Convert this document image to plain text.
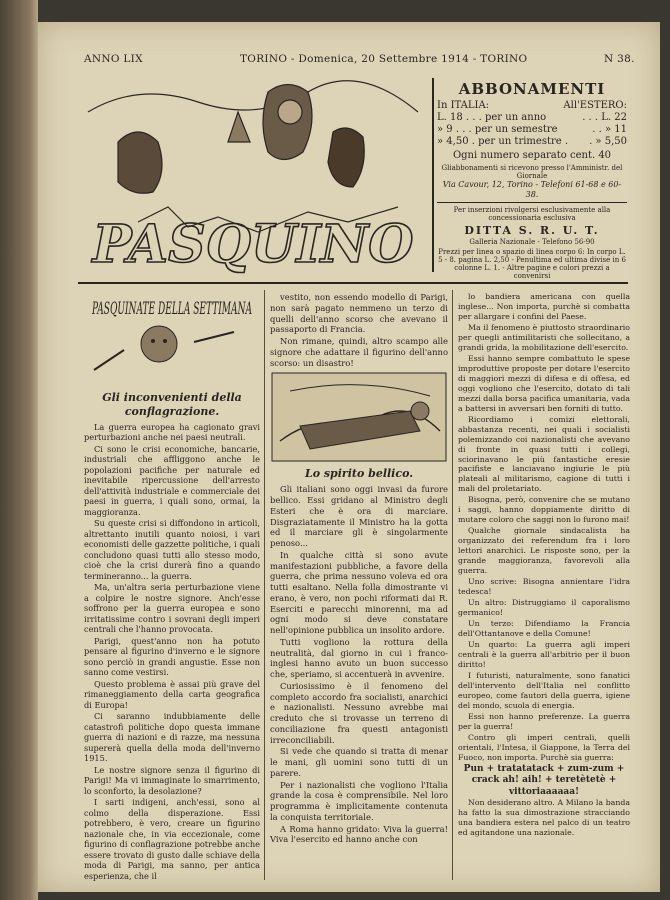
ANNO LIX	TORINO - Domenica, 20 Settembre 1914 - TORINO	N 38.
PASQUINO
ABBONAMENTI
In ITALIA:	All'ESTERO:
L. 18 . . . per un anno	. . . L. 22
» 9 . . . per un semestre	. . » 11
» 4,50 . per un trimestre . . » 5,50
Ogni numero separato cent. 40
Gliabbonamenti si ricevono presso l'Amministr. del Giornale
Via Cavour, 12, Torino - Telefoni 61-68 e 60-38.
Per inserzioni rivolgersi esclusivamente alla concessionaria esclusiva
DITTA S. R. U. T.
Galleria Nazionale - Telefono 56-90
Prezzi per linea o spazio di linea corpo 6: In corpo L. 5 - 8. pagina L. 2,50 - Penultima ed ultima divise in 6 colonne L. 1. - Altre pagine e colori prezzi a convenirsi
PASQUINATE DELLA SETTIMANA
Gli inconvenienti della conflagrazione.

La guerra europea ha cagionato gravi perturbazioni anche nei paesi neutrali.

Ci sono le crisi economiche, bancarie, industriali che affliggono anche le popolazioni pacifiche per naturale ed inevitabile ripercussione dell'arresto dell'attività industriale e commerciale dei paesi in guerra, i quali sono, ormai, la maggioranza.

Su queste crisi si diffondono in articoli, altrettanto inutili quanto noiosi, i vari economisti delle gazzette politiche, i quali concludono quasi tutti allo stesso modo, cioè che la crisi durerà fino a quando termineranno... la guerra.

Ma, un'altra seria perturbazione viene a colpire le nostre signore. Anch'esse soffrono per la guerra europea e sono irritatissime contro i sovrani degli imperi centrali che l'hanno provocata.

Parigi, quest'anno non ha potuto pensare al figurino d'inverno e le signore sono perciò in grandi angustie. Esse non sanno come vestirsi.

Questo problema è assai più grave del rimaneggiamento della carta geografica di Europa!

Ci saranno indubbiamente delle catastrofi politiche dopo questa immane guerra di nazioni e di razze, ma nessuna supererà quella della moda dell'inverno 1915.

Le nostre signore senza il figurino di Parigi! Ma vi immaginate lo smarrimento, lo sconforto, la desolazione?

I sarti indigeni, anch'essi, sono al colmo della disperazione. Essi potrebbero, è vero, creare un figurino nazionale che, in via eccezionale, come figurino di conflagrazione potrebbe anche essere trovato di gusto dalle schiave della moda di Parigi, ma sanno, per antica esperienza, che il

vestito, non essendo modello di Parigi, non sarà pagato nemmeno un terzo di quelli dell'anno scorso che avevano il passaporto di Francia.

Non rimane, quindi, altro scampo alle signore che adattare il figurino dell'anno scorso: un disastro!

Lo spirito bellico.

Gli italiani sono oggi invasi da furore bellico. Essi gridano al Ministro degli Esteri che è ora di marciare. Disgraziatamente il Ministro ha la gotta ed il marciare gli è singolarmente penoso...

In qualche città si sono avute manifestazioni pubbliche, a favore della guerra, che prima nessuno voleva ed ora tutti esaltano. Nella folla dimostrante vi erano, è vero, non pochi riformati dai R. Eserciti e parecchi minorenni, ma ad ogni modo si deve constatare nell'opinione pubblica un insolito ardore.

Tutti vogliono la rottura della neutralità, dal giorno in cui i franco-inglesi hanno avuto un buon successo che, speriamo, si accentuerà in avvenire.

Curiosissimo è il fenomeno del completo accordo fra socialisti, anarchici e nazionalisti. Nessuno avrebbe mai creduto che si trovasse un terreno di conciliazione fra questi antagonisti irreconciliabili.

Si vede che quando si tratta di menar le mani, gli uomini sono tutti di un parere.

Per i nazionalisti che vogliono l'Italia grande la cosa è comprensibile. Nel loro programma è implicitamente contenuta la conquista territoriale.

A Roma hanno gridato: Viva la guerra! Viva l'esercito ed hanno anche con

lo bandiera americana con quella inglese... Non importa, purchè si combatta per allargare i confini del Paese.

Ma il fenomeno è piuttosto straordinario per quegli antimilitaristi che sollecitano, a grandi grida, la mobilitazione dell'esercito.

Essi hanno sempre combattuto le spese improduttive proposte per dotare l'esercito di maggiori mezzi di difesa e di offesa, ed oggi vogliono che l'esercito, dotato di tali mezzi dalla borsa pacifica umanitaria, vada a battersi in avversari ben forniti di tutto.

Ricordiamo i comizi elettorali, abbastanza recenti, nei quali i socialisti polemizzando coi nazionalisti che avevano di fronte in quasi tutti i collegi, sciorinavano le più fantastiche eresie pacifiste e lanciavano ingiurie le più plateali al militarismo, cagione di tutti i mali del proletariato.

Bisogna, però, convenire che se mutano i saggi, hanno doppiamente diritto di mutare coloro che saggi non lo furono mai!

Qualche giornale sindacalista ha organizzato dei referendum fra i loro lettori anarchici. Le risposte sono, per la grande maggioranza, favorevoli alla guerra.

Uno scrive: Bisogna annientare l'idra tedesca!

Un altro: Distruggiamo il caporalismo germanico!

Un terzo: Difendiamo la Francia dell'Ottantanove e della Comune!

Un quarto: La guerra agli imperi centrali è la guerra all'arbitrio per il buon diritto!

I futuristi, naturalmente, sono fanatici dell'intervento dell'Italia nel conflitto europeo, come fautori della guerra, igiene del mondo, scuola di energia.

Essi non hanno preferenze. La guerra per la guerra!

Contro gli imperi centrali, quelli orientali, l'Intesa, il Giappone, la Terra del Fuoco, non importa. Purchè sia guerra:

Pun + tratatatack + zum-zum + crack ah! aih! + teretètetè + vittoriaaaaaa!

Non desiderano altro. A Milano la banda ha fatto la sua dimostrazione stracciando una bandiera estera nel palco di un teatro ed agitandone una nazionale.
